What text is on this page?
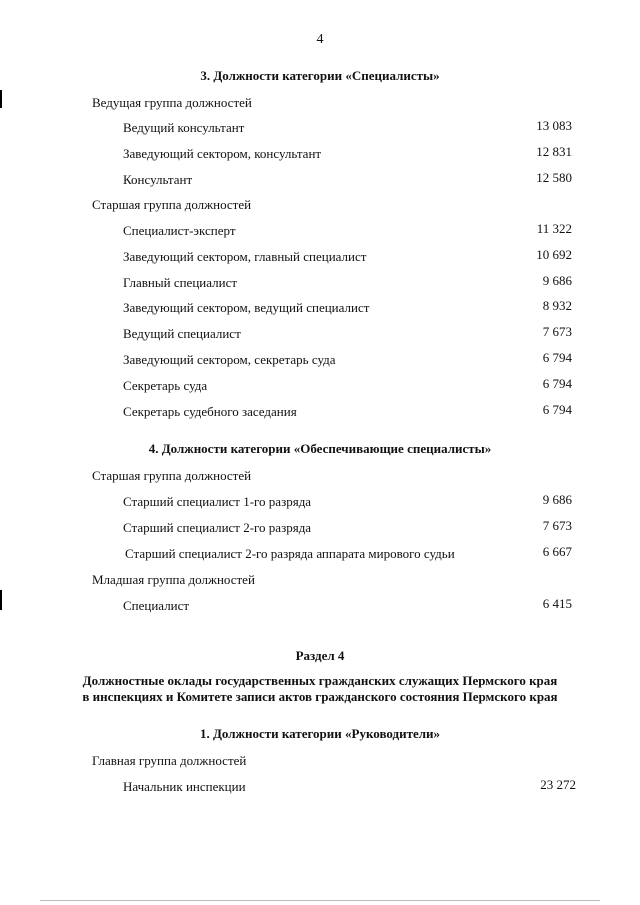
4
3. Должности категории «Специалисты»
Ведущая группа должностей
Ведущий консультант	13 083
Заведующий сектором, консультант	12 831
Консультант	12 580
Старшая группа должностей
Специалист-эксперт	11 322
Заведующий сектором, главный специалист	10 692
Главный специалист	9 686
Заведующий сектором, ведущий специалист	8 932
Ведущий специалист	7 673
Заведующий сектором, секретарь суда	6 794
Секретарь суда	6 794
Секретарь судебного заседания	6 794
4. Должности категории «Обеспечивающие специалисты»
Старшая группа должностей
Старший специалист 1-го разряда	9 686
Старший специалист 2-го разряда	7 673
Старший специалист 2-го разряда аппарата мирового судьи	6 667
Младшая группа должностей
Специалист	6 415
Раздел 4
Должностные оклады государственных гражданских служащих Пермского края
в инспекциях и Комитете записи актов гражданского состояния Пермского края
1. Должности категории «Руководители»
Главная группа должностей
Начальник инспекции	23 272
